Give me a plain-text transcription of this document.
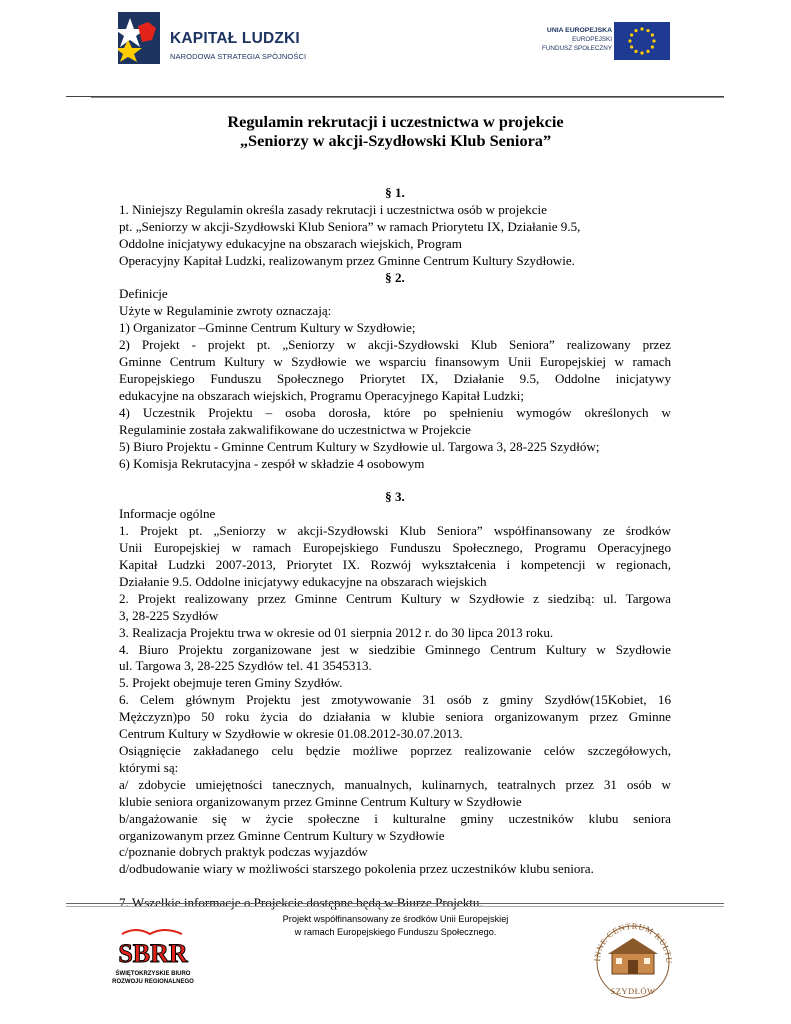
KAPITAŁ LUDZKI
NARODOWA STRATEGIA SPÓJNOŚCI
UNIA EUROPEJSKA
EUROPEJSKI
FUNDUSZ SPOŁECZNY
Regulamin rekrutacji i uczestnictwa w projekcie
„Seniorzy w akcji-Szydłowski Klub Seniora”

§ 1.

1. Niniejszy Regulamin określa zasady rekrutacji i uczestnictwa osób w projekcie

pt. „Seniorzy w akcji-Szydłowski Klub Seniora” w ramach Priorytetu IX, Działanie 9.5,

Oddolne inicjatywy edukacyjne na obszarach wiejskich, Program

Operacyjny Kapitał Ludzki, realizowanym przez Gminne Centrum Kultury Szydłowie.

§ 2.

Definicje

Użyte w Regulaminie zwroty oznaczają:

1) Organizator –Gminne Centrum Kultury w Szydłowie;

2) Projekt - projekt pt. „Seniorzy w akcji-Szydłowski Klub Seniora” realizowany przez

Gminne Centrum Kultury w Szydłowie we wsparciu finansowym Unii Europejskiej w ramach

Europejskiego Funduszu Społecznego Priorytet IX, Działanie 9.5, Oddolne inicjatywy

edukacyjne na obszarach wiejskich, Programu Operacyjnego Kapitał Ludzki;

4) Uczestnik Projektu – osoba dorosła, które po spełnieniu wymogów określonych w

Regulaminie została zakwalifikowane do uczestnictwa w Projekcie

5) Biuro Projektu - Gminne Centrum Kultury w Szydłowie ul. Targowa 3, 28-225 Szydłów;

6) Komisja Rekrutacyjna - zespół w składzie 4 osobowym

§ 3.

Informacje ogólne

1. Projekt pt. „Seniorzy w akcji-Szydłowski Klub Seniora” współfinansowany ze środków

Unii Europejskiej w ramach Europejskiego Funduszu Społecznego, Programu Operacyjnego

Kapitał Ludzki 2007-2013, Priorytet IX. Rozwój wykształcenia i kompetencji w regionach,

Działanie 9.5. Oddolne inicjatywy edukacyjne na obszarach wiejskich

2. Projekt realizowany przez Gminne Centrum Kultury w Szydłowie z siedzibą: ul. Targowa

3, 28-225 Szydłów

3. Realizacja Projektu trwa w okresie od 01 sierpnia 2012 r. do 30 lipca 2013 roku.

4. Biuro Projektu zorganizowane jest w siedzibie Gminnego Centrum Kultury w Szydłowie

ul. Targowa 3, 28-225 Szydłów tel. 41 3545313.

5. Projekt obejmuje teren Gminy Szydłów.

6. Celem głównym Projektu jest zmotywowanie 31 osób z gminy Szydłów(15Kobiet, 16

Mężczyzn)po 50 roku życia do działania w klubie seniora organizowanym przez Gminne

Centrum Kultury w Szydłowie w okresie 01.08.2012-30.07.2013.

Osiągnięcie zakładanego celu będzie możliwe poprzez realizowanie celów szczegółowych,

którymi są:

a/ zdobycie umiejętności tanecznych, manualnych, kulinarnych, teatralnych przez 31 osób w

klubie seniora organizowanym przez Gminne Centrum Kultury w Szydłowie

b/angażowanie się w życie społeczne i kulturalne gminy uczestników klubu seniora

organizowanym przez Gminne Centrum Kultury w Szydłowie

c/poznanie dobrych praktyk podczas wyjazdów

d/odbudowanie wiary w możliwości starszego pokolenia przez uczestników klubu seniora.

7. Wszelkie informacje o Projekcie dostępne będą w Biurze Projektu.

Projekt współfinansowany ze środków Unii Europejskiej
w ramach Europejskiego Funduszu Społecznego.
SBRR
ŚWIĘTOKRZYSKIE BIURO
ROZWOJU REGIONALNEGO
INNE CENTRUM KULTU
SZYDŁÓW
